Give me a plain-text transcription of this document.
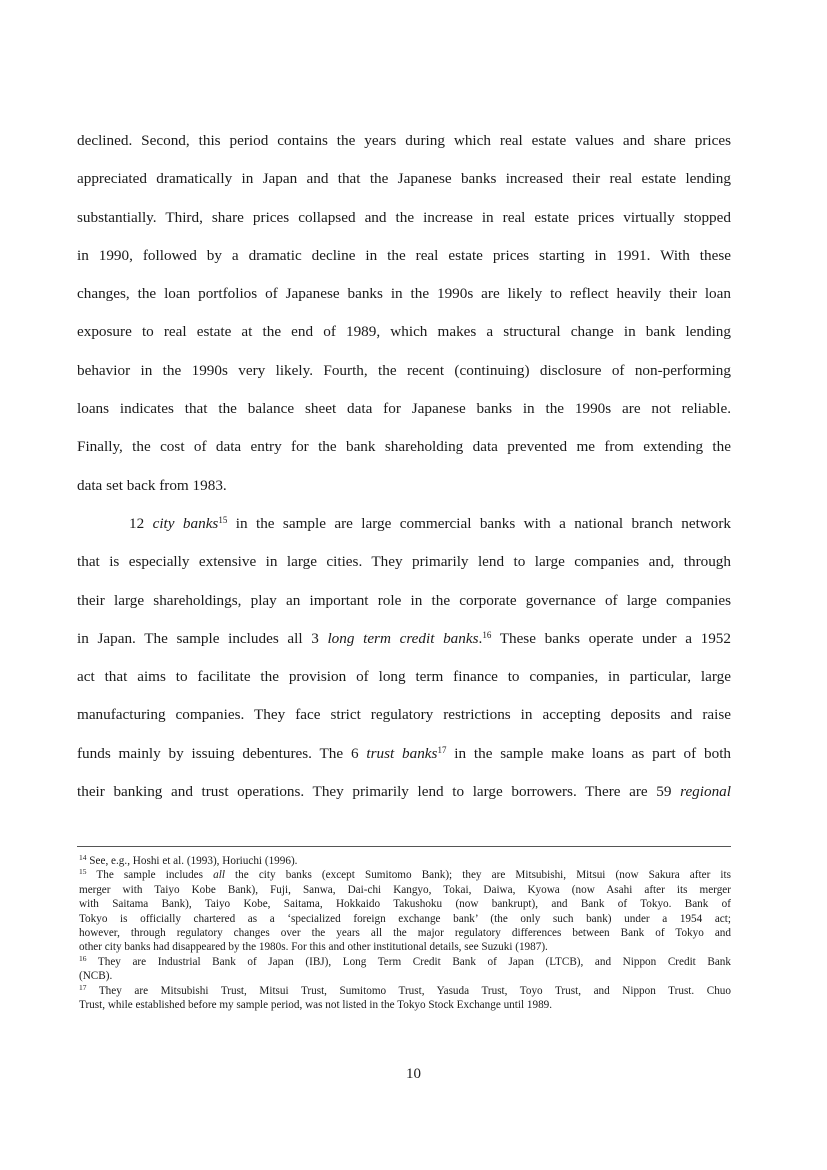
declined. Second, this period contains the years during which real estate values and share prices
appreciated dramatically in Japan and that the Japanese banks increased their real estate lending
substantially. Third, share prices collapsed and the increase in real estate prices virtually stopped
in 1990, followed by a dramatic decline in the real estate prices starting in 1991. With these
changes, the loan portfolios of Japanese banks in the 1990s are likely to reflect heavily their loan
exposure to real estate at the end of 1989, which makes a structural change in bank lending
behavior in the 1990s very likely. Fourth, the recent (continuing) disclosure of non-performing
loans indicates that the balance sheet data for Japanese banks in the 1990s are not reliable.
Finally, the cost of data entry for the bank shareholding data prevented me from extending the
data set back from 1983.
12 city banks$^{15}$ in the sample are large commercial banks with a national branch network
that is especially extensive in large cities. They primarily lend to large companies and, through
their large shareholdings, play an important role in the corporate governance of large companies
in Japan. The sample includes all 3 long term credit banks.$^{16}$ These banks operate under a 1952
act that aims to facilitate the provision of long term finance to companies, in particular, large
manufacturing companies. They face strict regulatory restrictions in accepting deposits and raise
funds mainly by issuing debentures. The 6 trust banks$^{17}$ in the sample make loans as part of both
their banking and trust operations. They primarily lend to large borrowers. There are 59 regional
$^{14}$ See, e.g., Hoshi et al. (1993), Horiuchi (1996).
$^{15}$ The sample includes all the city banks (except Sumitomo Bank); they are Mitsubishi, Mitsui (now Sakura after its
merger with Taiyo Kobe Bank), Fuji, Sanwa, Dai-chi Kangyo, Tokai, Daiwa, Kyowa (now Asahi after its merger
with Saitama Bank), Taiyo Kobe, Saitama, Hokkaido Takushoku (now bankrupt), and Bank of Tokyo. Bank of
Tokyo is officially chartered as a ‘specialized foreign exchange bank’ (the only such bank) under a 1954 act;
however, through regulatory changes over the years all the major regulatory differences between Bank of Tokyo and
other city banks had disappeared by the 1980s. For this and other institutional details, see Suzuki (1987).
$^{16}$ They are Industrial Bank of Japan (IBJ), Long Term Credit Bank of Japan (LTCB), and Nippon Credit Bank
(NCB).
$^{17}$ They are Mitsubishi Trust, Mitsui Trust, Sumitomo Trust, Yasuda Trust, Toyo Trust, and Nippon Trust. Chuo
Trust, while established before my sample period, was not listed in the Tokyo Stock Exchange until 1989.
10
